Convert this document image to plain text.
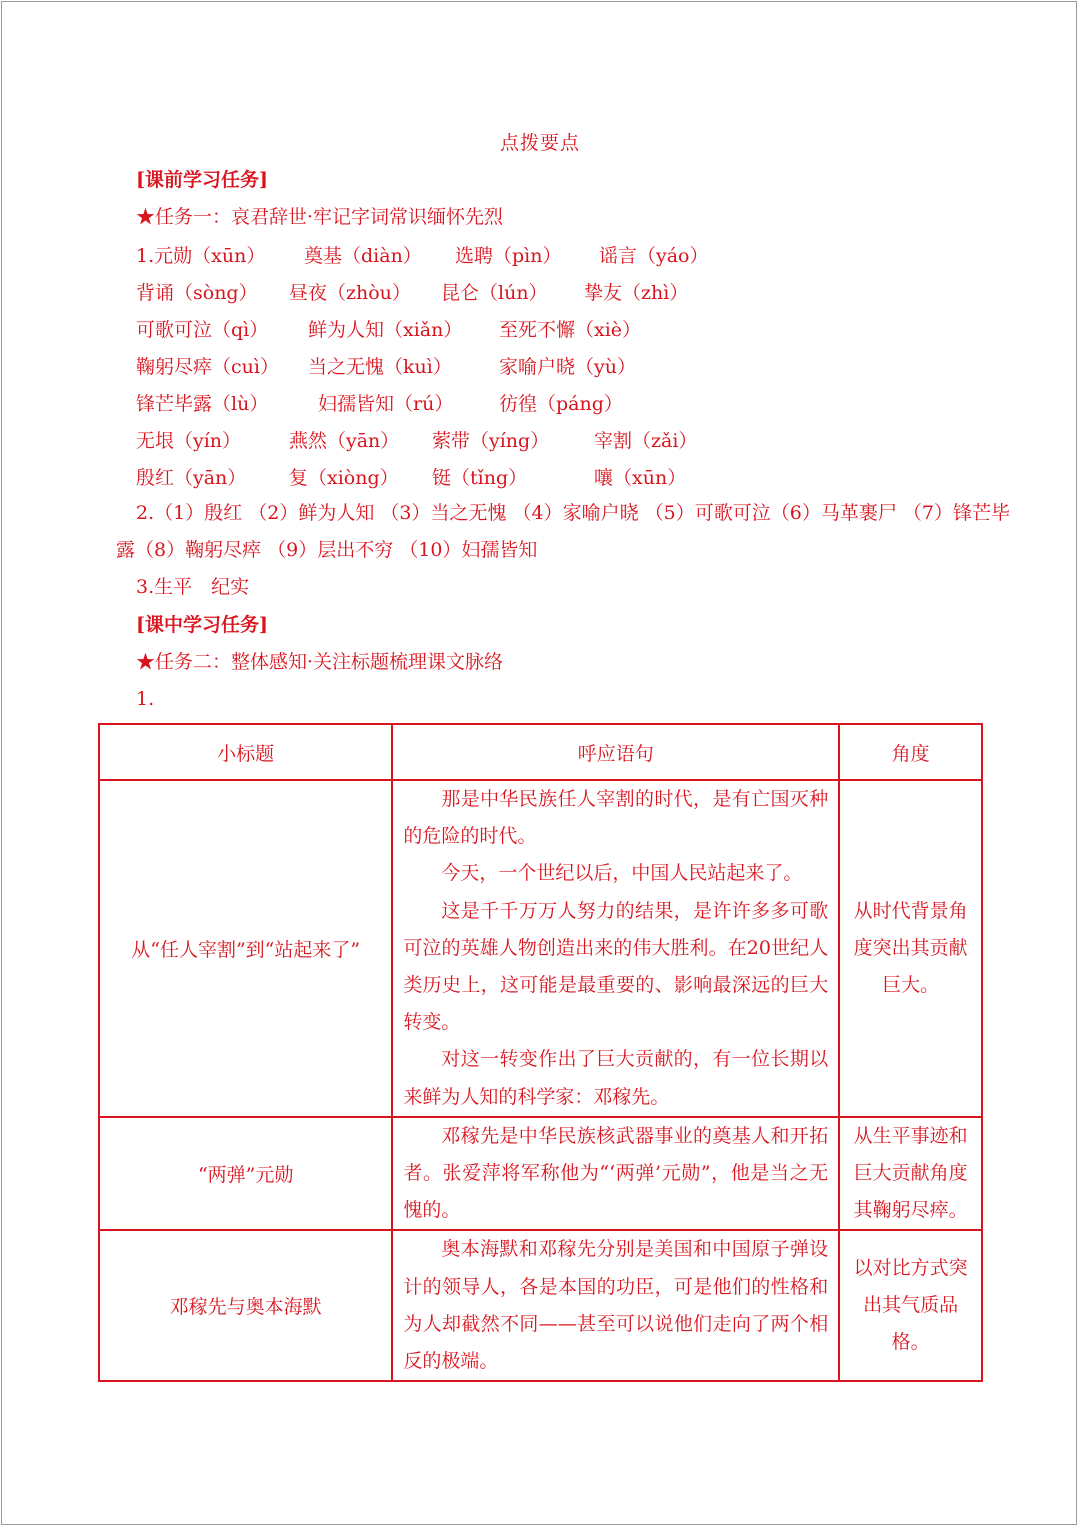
点拨要点
[课前学习任务]
★任务一：哀君辞世·牢记字词常识缅怀先烈
1.元勋（xūn） 奠基（diàn） 选聘（pìn） 谣言（yáo）
背诵（sòng） 昼夜（zhòu） 昆仑（lún） 挚友（zhì）
可歌可泣（qì） 鲜为人知（xiǎn） 至死不懈（xiè）
鞠躬尽瘁（cuì） 当之无愧（kuì） 家喻户晓（yù）
锋芒毕露（lù）	妇孺皆知（rú） 彷徨（páng）
无垠（yín）	燕然（yān） 萦带（yíng） 宰割（zǎi）
殷红（yān） 复（xiòng） 铤（tǐng）	嚷（xūn）
2.（1）殷红 （2）鲜为人知 （3）当之无愧 （4）家喻户晓 （5）可歌可泣（6）马革裹尸 （7）锋芒毕
露（8）鞠躬尽瘁 （9）层出不穷 （10）妇孺皆知
3.生平　纪实
[课中学习任务]
★任务二：整体感知·关注标题梳理课文脉络
1.
小标题	呼应语句	角度
从“任人宰割”到“站起来了”	那是中华民族任人宰割的时代，是有亡国灭种的危险的时代。
今天，一个世纪以后，中国人民站起来了。
这是千千万万人努力的结果，是许许多多可歌可泣的英雄人物创造出来的伟大胜利。在20世纪人类历史上，这可能是最重要的、影响最深远的巨大转变。
对这一转变作出了巨大贡献的，有一位长期以来鲜为人知的科学家：邓稼先。	从时代背景角度突出其贡献巨大。

“两弹”元勋	邓稼先是中华民族核武器事业的奠基人和开拓者。张爱萍将军称他为“‘两弹’元勋”，他是当之无愧的。	从生平事迹和巨大贡献角度其鞠躬尽瘁。

邓稼先与奥本海默	奥本海默和邓稼先分别是美国和中国原子弹设计的领导人，各是本国的功臣，可是他们的性格和为人却截然不同——甚至可以说他们走向了两个相反的极端。	以对比方式突出其气质品格。
